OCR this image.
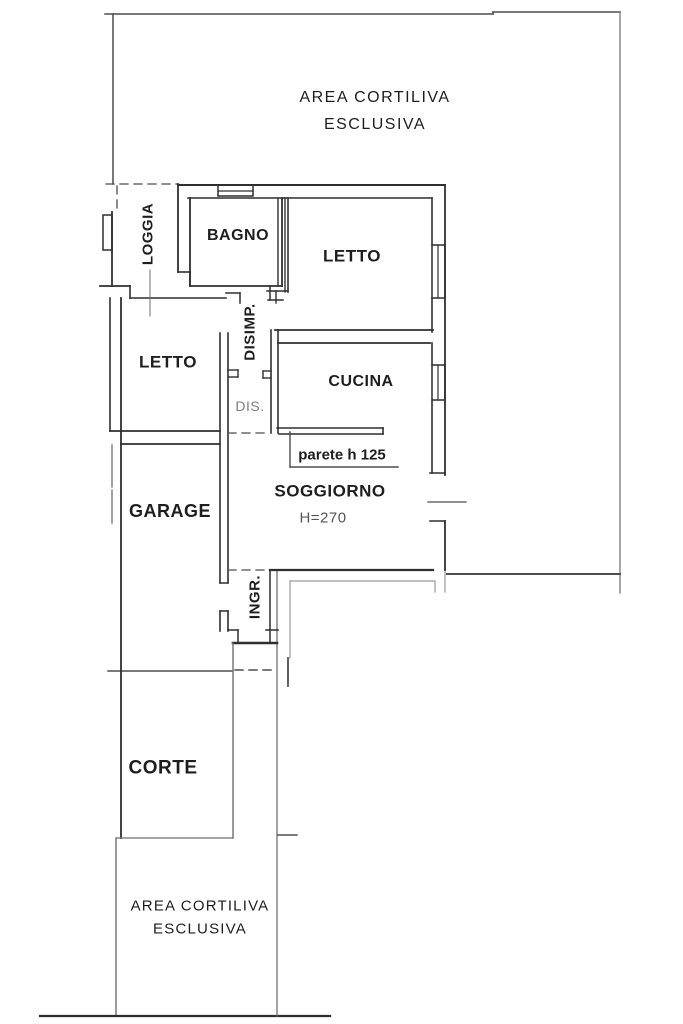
AREA CORTILIVA
ESCLUSIVA
LOGGIA	BAGNO
LETTO
DISIMP.
LETTO
DIS.
CUCINA
parete h 125
SOGGIORNO
H=270
GARAGE
INGR.
CORTE
AREA CORTILIVA
ESCLUSIVA
